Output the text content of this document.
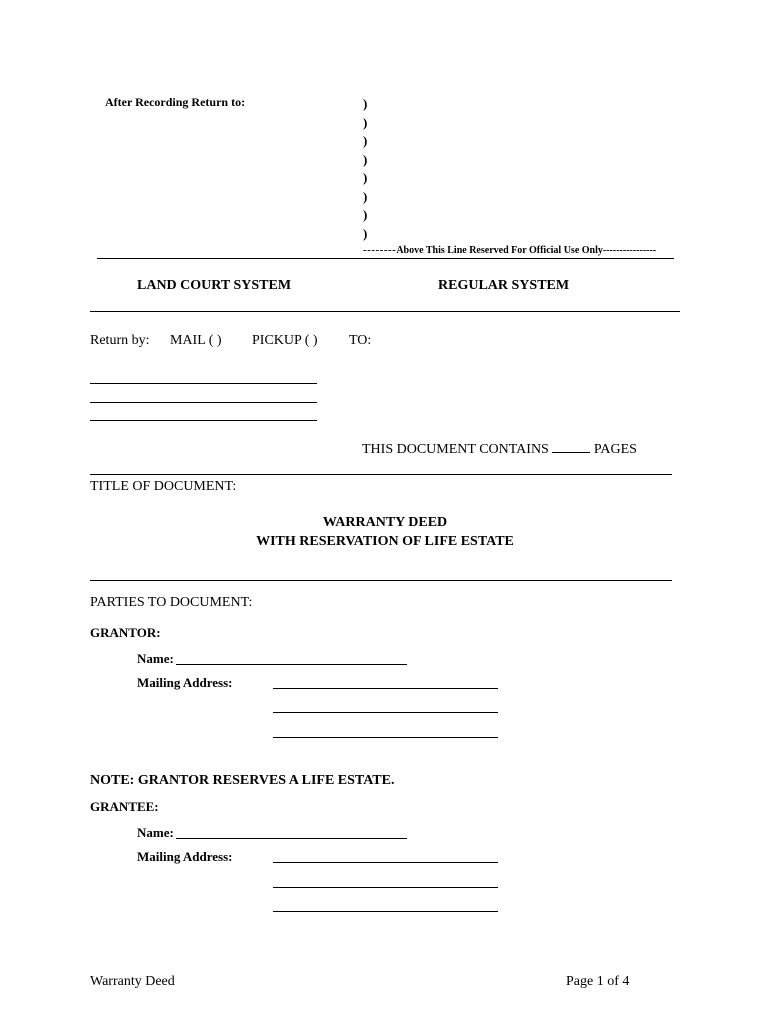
After Recording Return to:	)
)
)
)
)
)
)
)
--------Above This Line Reserved For Official Use Only----------------
LAND COURT SYSTEM	REGULAR SYSTEM
Return by: MAIL ( ) PICKUP ( ) TO:
THIS DOCUMENT CONTAINS	PAGES
TITLE OF DOCUMENT:
WARRANTY DEED
WITH RESERVATION OF LIFE ESTATE
PARTIES TO DOCUMENT:
GRANTOR:
Name:
Mailing Address:
NOTE: GRANTOR RESERVES A LIFE ESTATE.
GRANTEE:
Name:
Mailing Address:
Warranty Deed	Page 1 of 4
